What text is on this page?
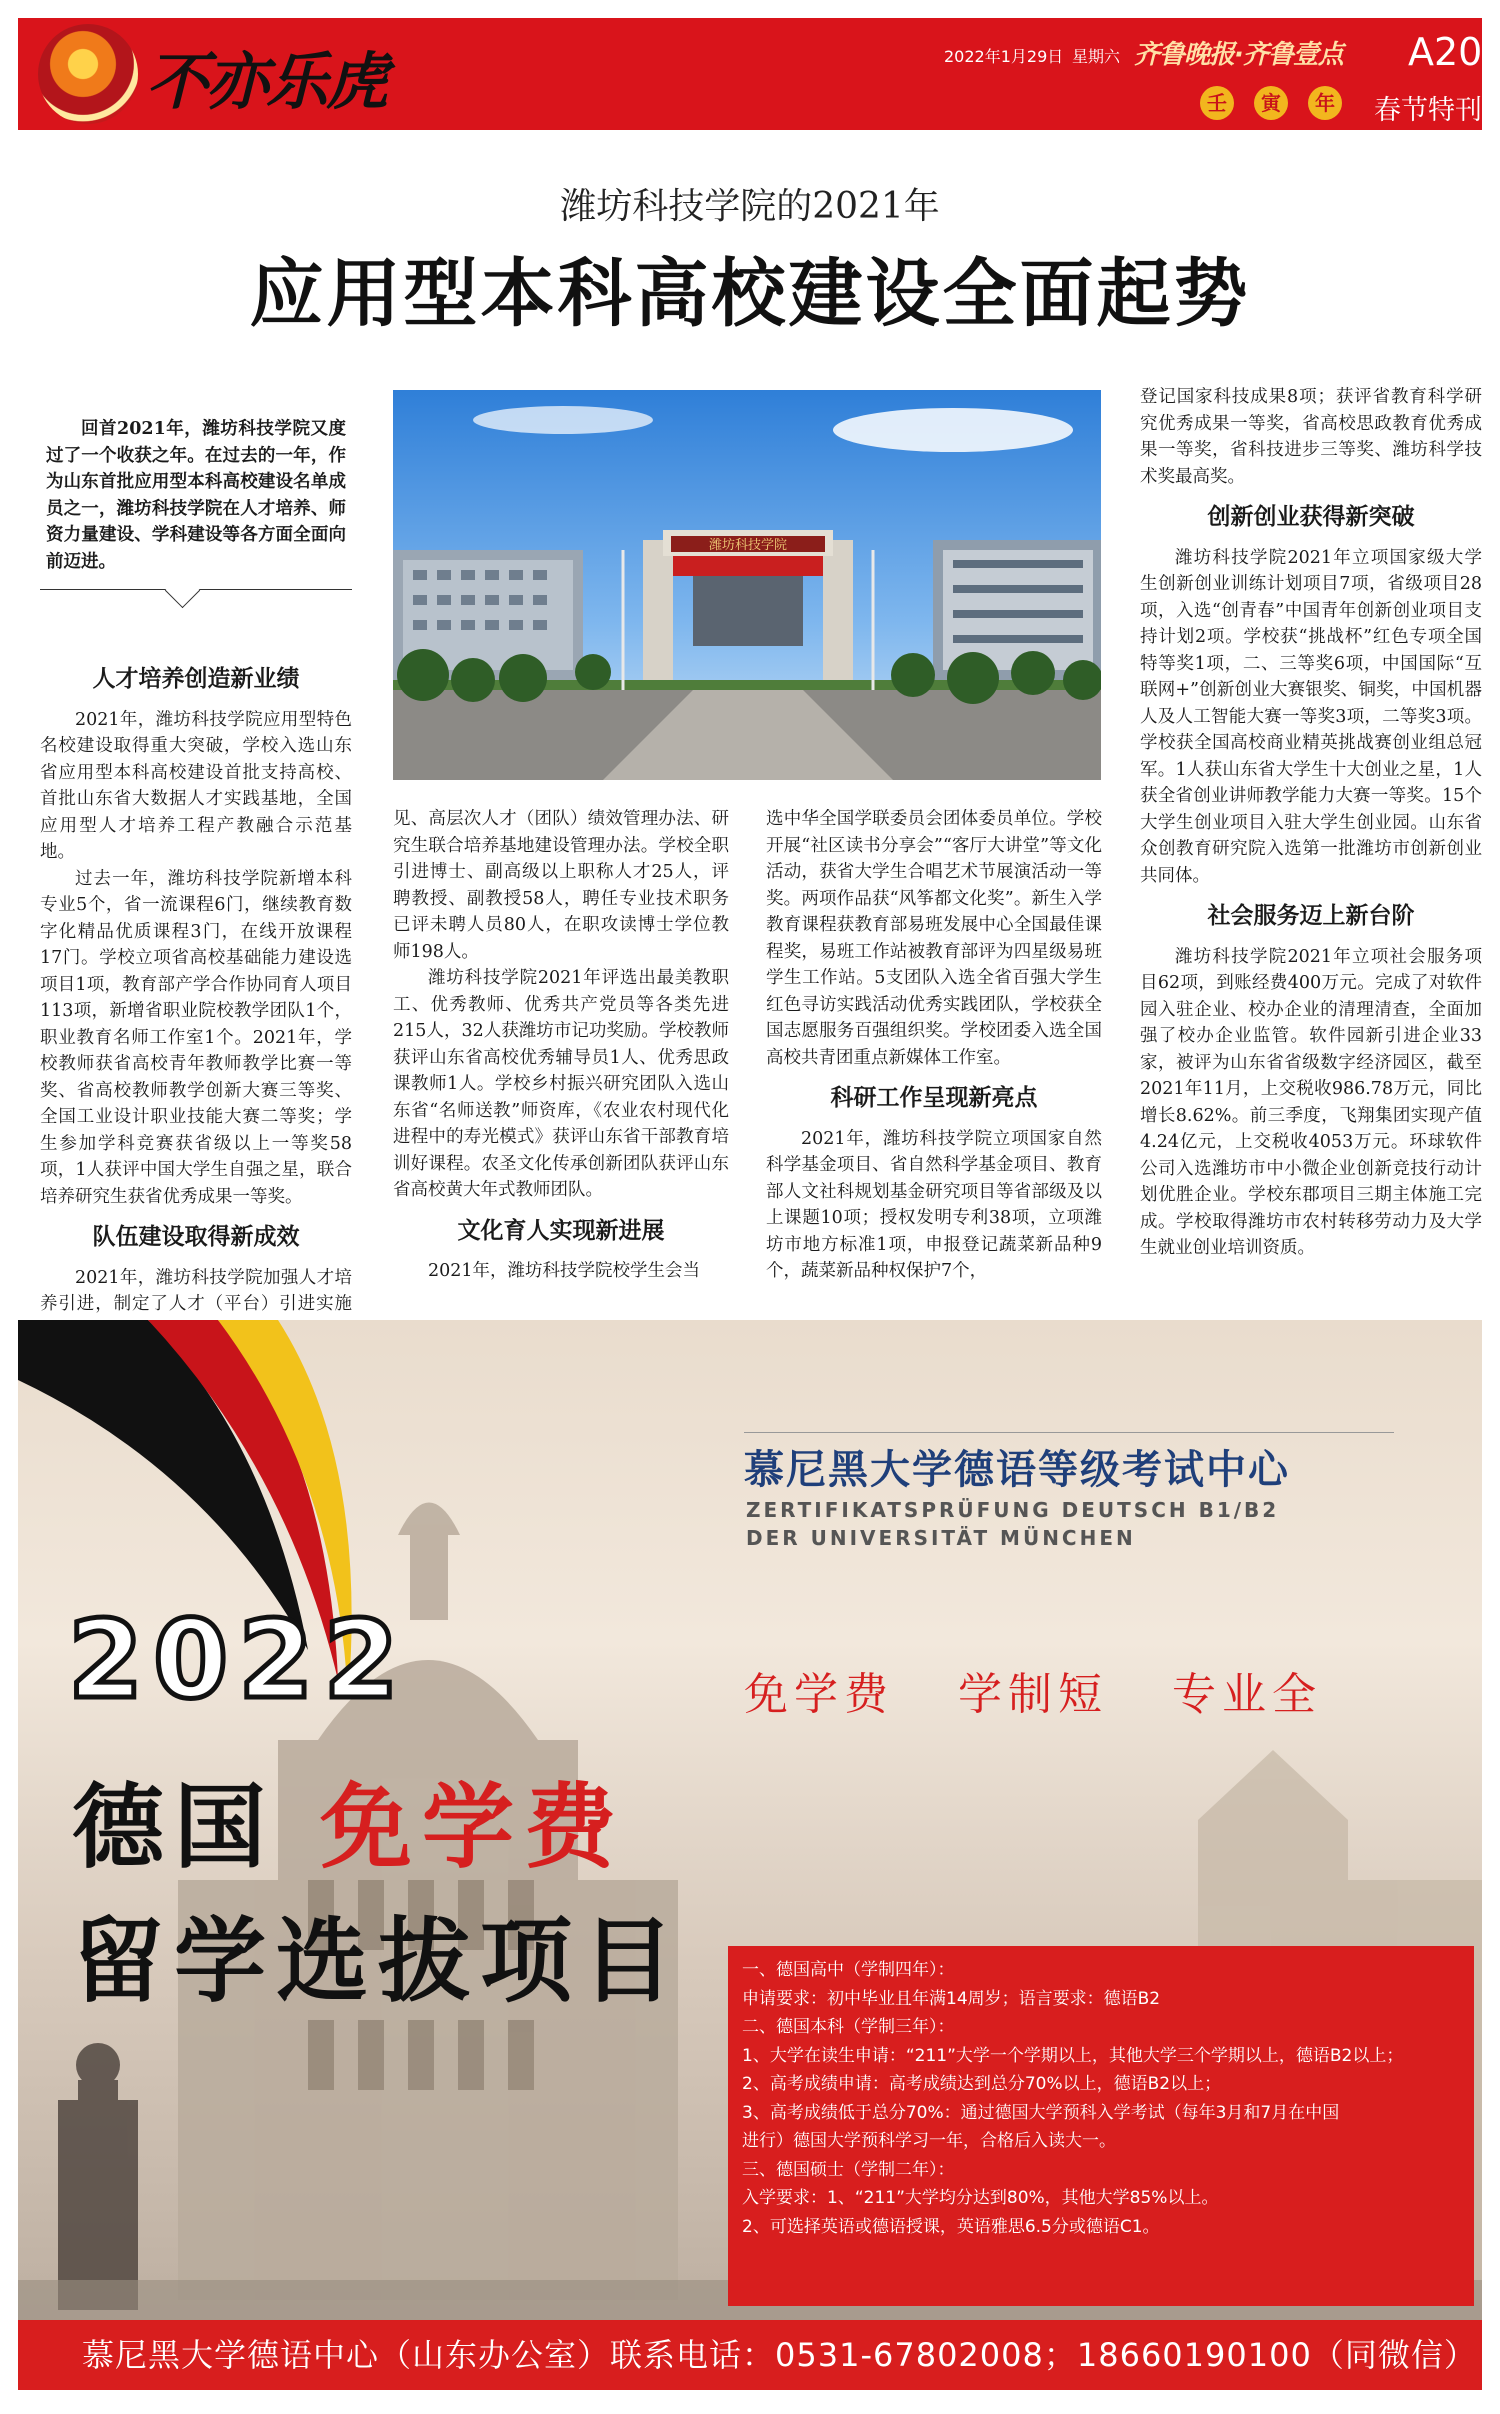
不亦乐虎	2022年1月29日 星期六 齐鲁晚报·齐鲁壹点 A20
壬	寅	年 春节特刊
潍坊科技学院的2021年
应用型本科高校建设全面起势

回首2021年，潍坊科技学院又度过了一个收获之年。在过去的一年，作为山东首批应用型本科高校建设名单成员之一，潍坊科技学院在人才培养、师资力量建设、学科建设等各方面全面向前迈进。

潍坊科技学院
人才培养创造新业绩

2021年，潍坊科技学院应用型特色名校建设取得重大突破，学校入选山东省应用型本科高校建设首批支持高校、首批山东省大数据人才实践基地，全国应用型人才培养工程产教融合示范基地。

过去一年，潍坊科技学院新增本科专业5个，省一流课程6门，继续教育数字化精品优质课程3门，在线开放课程17门。学校立项省高校基础能力建设选项目1项，教育部产学合作协同育人项目113项，新增省职业院校教学团队1个，职业教育名师工作室1个。2021年，学校教师获省高校青年教师教学比赛一等奖、省高校教师教学创新大赛三等奖、全国工业设计职业技能大赛二等奖；学生参加学科竞赛获省级以上一等奖58项，1人获评中国大学生自强之星，联合培养研究生获省优秀成果一等奖。

队伍建设取得新成效

2021年，潍坊科技学院加强人才培养引进，制定了人才（平台）引进实施

见、高层次人才（团队）绩效管理办法、研究生联合培养基地建设管理办法。学校全职引进博士、副高级以上职称人才25人，评聘教授、副教授58人，聘任专业技术职务已评未聘人员80人，在职攻读博士学位教师198人。

潍坊科技学院2021年评选出最美教职工、优秀教师、优秀共产党员等各类先进215人，32人获潍坊市记功奖励。学校教师获评山东省高校优秀辅导员1人、优秀思政课教师1人。学校乡村振兴研究团队入选山东省“名师送教”师资库，《农业农村现代化进程中的寿光模式》获评山东省干部教育培训好课程。农圣文化传承创新团队获评山东省高校黄大年式教师团队。

文化育人实现新进展

2021年，潍坊科技学院校学生会当

选中华全国学联委员会团体委员单位。学校开展“社区读书分享会”“客厅大讲堂”等文化活动，获省大学生合唱艺术节展演活动一等奖。两项作品获“风筝都文化奖”。新生入学教育课程获教育部易班发展中心全国最佳课程奖，易班工作站被教育部评为四星级易班学生工作站。5支团队入选全省百强大学生红色寻访实践活动优秀实践团队，学校获全国志愿服务百强组织奖。学校团委入选全国高校共青团重点新媒体工作室。

科研工作呈现新亮点

2021年，潍坊科技学院立项国家自然科学基金项目、省自然科学基金项目、教育部人文社科规划基金研究项目等省部级及以上课题10项；授权发明专利38项，立项潍坊市地方标准1项，申报登记蔬菜新品种9个，蔬菜新品种权保护7个，

登记国家科技成果8项；获评省教育科学研究优秀成果一等奖，省高校思政教育优秀成果一等奖，省科技进步三等奖、潍坊科学技术奖最高奖。

创新创业获得新突破

潍坊科技学院2021年立项国家级大学生创新创业训练计划项目7项，省级项目28项，入选“创青春”中国青年创新创业项目支持计划2项。学校获“挑战杯”红色专项全国特等奖1项，二、三等奖6项，中国国际“互联网+”创新创业大赛银奖、铜奖，中国机器人及人工智能大赛一等奖3项，二等奖3项。学校获全国高校商业精英挑战赛创业组总冠军。1人获山东省大学生十大创业之星，1人获全省创业讲师教学能力大赛一等奖。15个大学生创业项目入驻大学生创业园。山东省众创教育研究院入选第一批潍坊市创新创业共同体。

社会服务迈上新台阶

潍坊科技学院2021年立项社会服务项目62项，到账经费400万元。完成了对软件园入驻企业、校办企业的清理清查，全面加强了校办企业监管。软件园新引进企业33家，被评为山东省省级数字经济园区，截至2021年11月，上交税收986.78万元，同比增长8.62%。前三季度，飞翔集团实现产值4.24亿元，上交税收4053万元。环球软件公司入选潍坊市中小微企业创新竞技行动计划优胜企业。学校东郡项目三期主体施工完成。学校取得潍坊市农村转移劳动力及大学生就业创业培训资质。

慕尼黑大学德语等级考试中心
ZERTIFIKATSPRÜFUNG DEUTSCH B1/B2
DER UNIVERSITÄT MÜNCHEN
免学费 学制短 专业全
2022
德国 免学费
留学选拔项目	一、德国高中（学制四年）：
申请要求：初中毕业且年满14周岁；语言要求：德语B2
二、德国本科（学制三年）：
1、大学在读生申请：“211”大学一个学期以上，其他大学三个学期以上，德语B2以上；
2、高考成绩申请：高考成绩达到总分70%以上，德语B2以上；
3、高考成绩低于总分70%：通过德国大学预科入学考试（每年3月和7月在中国
进行）德国大学预科学习一年，合格后入读大一。
三、德国硕士（学制二年）：
入学要求：1、“211”大学均分达到80%，其他大学85%以上。
2、可选择英语或德语授课，英语雅思6.5分或德语C1。
慕尼黑大学德语中心（山东办公室）联系电话：0531-67802008；18660190100（同微信）
